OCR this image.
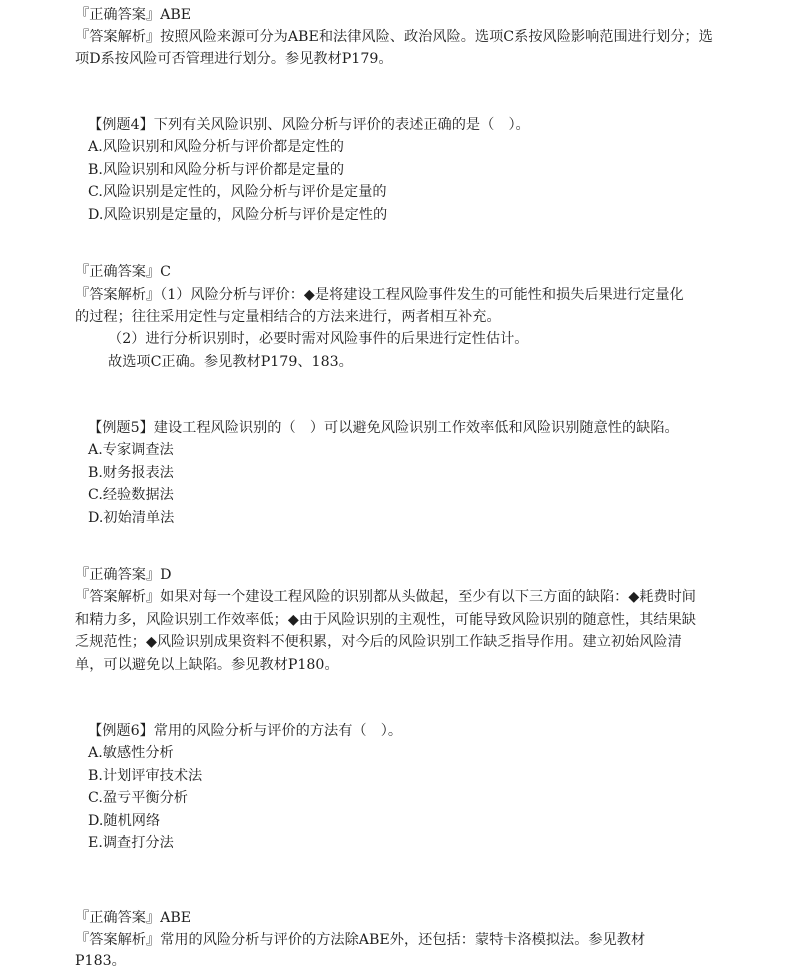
『正确答案』ABE
『答案解析』按照风险来源可分为ABE和法律风险、政治风险。选项C系按风险影响范围进行划分；选
项D系按风险可否管理进行划分。参见教材P179。
【例题4】下列有关风险识别、风险分析与评价的表述正确的是（　）。
A.风险识别和风险分析与评价都是定性的
B.风险识别和风险分析与评价都是定量的
C.风险识别是定性的，风险分析与评价是定量的
D.风险识别是定量的，风险分析与评价是定性的
『正确答案』C
『答案解析』（1）风险分析与评价：◆是将建设工程风险事件发生的可能性和损失后果进行定量化
的过程；往往采用定性与定量相结合的方法来进行，两者相互补充。
（2）进行分析识别时，必要时需对风险事件的后果进行定性估计。
故选项C正确。参见教材P179、183。
【例题5】建设工程风险识别的（　）可以避免风险识别工作效率低和风险识别随意性的缺陷。
A.专家调查法
B.财务报表法
C.经验数据法
D.初始清单法
『正确答案』D
『答案解析』如果对每一个建设工程风险的识别都从头做起，至少有以下三方面的缺陷：◆耗费时间
和精力多，风险识别工作效率低；◆由于风险识别的主观性，可能导致风险识别的随意性，其结果缺
乏规范性；◆风险识别成果资料不便积累，对今后的风险识别工作缺乏指导作用。建立初始风险清
单，可以避免以上缺陷。参见教材P180。
【例题6】常用的风险分析与评价的方法有（　）。
A.敏感性分析
B.计划评审技术法
C.盈亏平衡分析
D.随机网络
E.调查打分法
『正确答案』ABE
『答案解析』常用的风险分析与评价的方法除ABE外，还包括：蒙特卡洛模拟法。参见教材
P183。
